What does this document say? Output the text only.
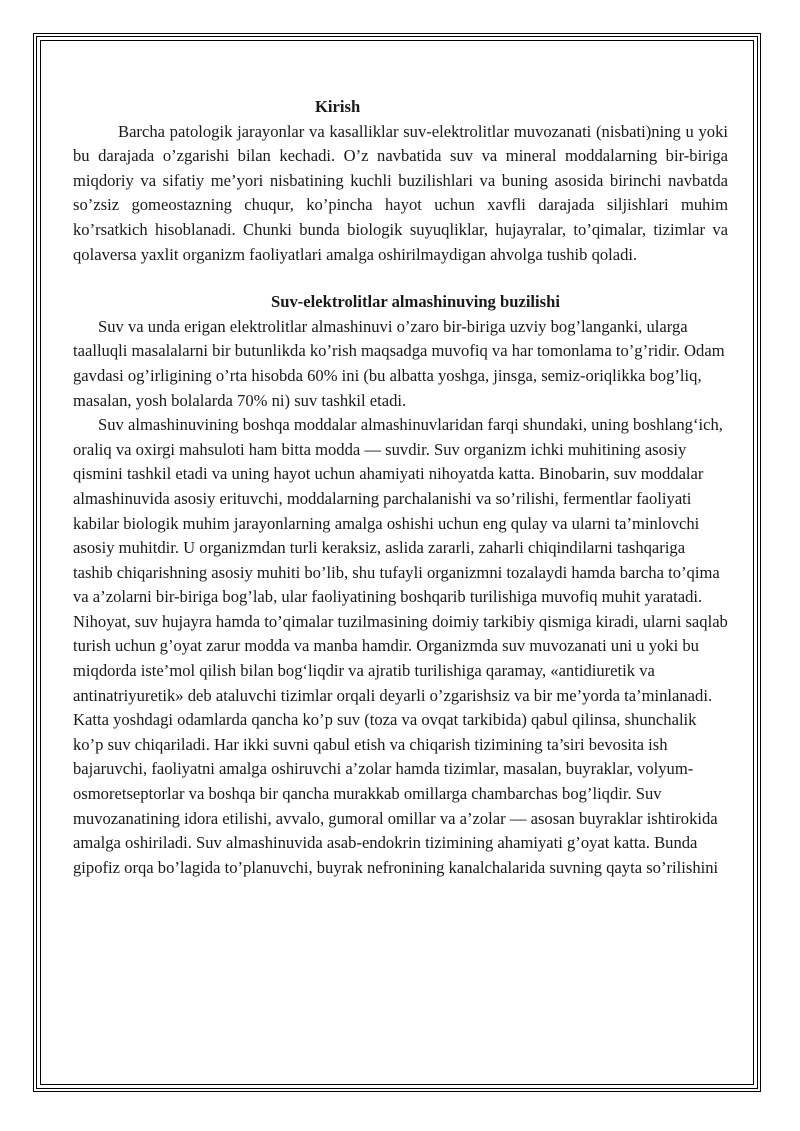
Kirish

Barcha patologik jarayonlar va kasalliklar suv-elektrolitlar muvozanati (nisbati)ning u yoki bu darajada o’zgarishi bilan kechadi. O’z navbatida suv va mineral moddalarning bir-biriga miqdoriy va sifatiy me’yori nisbatining kuchli buzilishlari va buning asosida birinchi navbatda so’zsiz gomeostazning chuqur, ko’pincha hayot uchun xavfli darajada siljishlari muhim ko’rsatkich hisoblanadi. Chunki bunda biologik suyuqliklar, hujayralar, to’qimalar, tizimlar va qolaversa yaxlit organizm faoliyatlari amalga oshirilmaydigan ahvolga tushib qoladi.

Suv-elektrolitlar almashinuving buzilishi

Suv va unda erigan elektrolitlar almashinuvi o’zaro bir-biriga uzviy bog’langanki, ularga taalluqli masalalarni bir butunlikda ko’rish maqsadga muvofiq va har tomonlama to’g’ridir. Odam gavdasi og’irligining o’rta hisobda 60% ini (bu albatta yoshga, jinsga, semiz-oriqlikka bog’liq, masalan, yosh bolalarda 70% ni) suv tashkil etadi.

Suv almashinuvining boshqa moddalar almashinuvlaridan farqi shundaki, uning boshlang‘ich, oraliq va oxirgi mahsuloti ham bitta modda — suvdir. Suv organizm ichki muhitining asosiy qismini tashkil etadi va uning hayot uchun ahamiyati nihoyatda katta. Binobarin, suv moddalar almashinuvida asosiy erituvchi, moddalarning parchalanishi va so’rilishi, fermentlar faoliyati kabilar biologik muhim jarayonlarning amalga oshishi uchun eng qulay va ularni ta’minlovchi asosiy muhitdir. U organizmdan turli keraksiz, aslida zararli, zaharli chiqindilarni tashqariga tashib chiqarishning asosiy muhiti bo’lib, shu tufayli organizmni tozalaydi hamda barcha to’qima va a’zolarni bir-biriga bog’lab, ular faoliyatining boshqarib turilishiga muvofiq muhit yaratadi. Nihoyat, suv hujayra hamda to’qimalar tuzilmasining doimiy tarkibiy qismiga kiradi, ularni saqlab turish uchun g’oyat zarur modda va manba hamdir. Organizmda suv muvozanati uni u yoki bu miqdorda iste’mol qilish bilan bog‘liqdir va ajratib turilishiga qaramay, «antidiuretik va antinatriyuretik» deb ataluvchi tizimlar orqali deyarli o’zgarishsiz va bir me’yorda ta’minlanadi. Katta yoshdagi odamlarda qancha ko’p suv (toza va ovqat tarkibida) qabul qilinsa, shunchalik ko’p suv chiqariladi. Har ikki suvni qabul etish va chiqarish tizimining ta’siri bevosita ish bajaruvchi, faoliyatni amalga oshiruvchi a’zolar hamda tizimlar, masalan, buyraklar, volyum-osmoretseptorlar va boshqa bir qancha murakkab omillarga chambarchas bog’liqdir. Suv muvozanatining idora etilishi, avvalo, gumoral omillar va a’zolar — asosan buyraklar ishtirokida amalga oshiriladi. Suv almashinuvida asab-endokrin tizimining ahamiyati g’oyat katta. Bunda gipofiz orqa bo’lagida to’planuvchi, buyrak nefronining kanalchalarida suvning qayta so’rilishini
